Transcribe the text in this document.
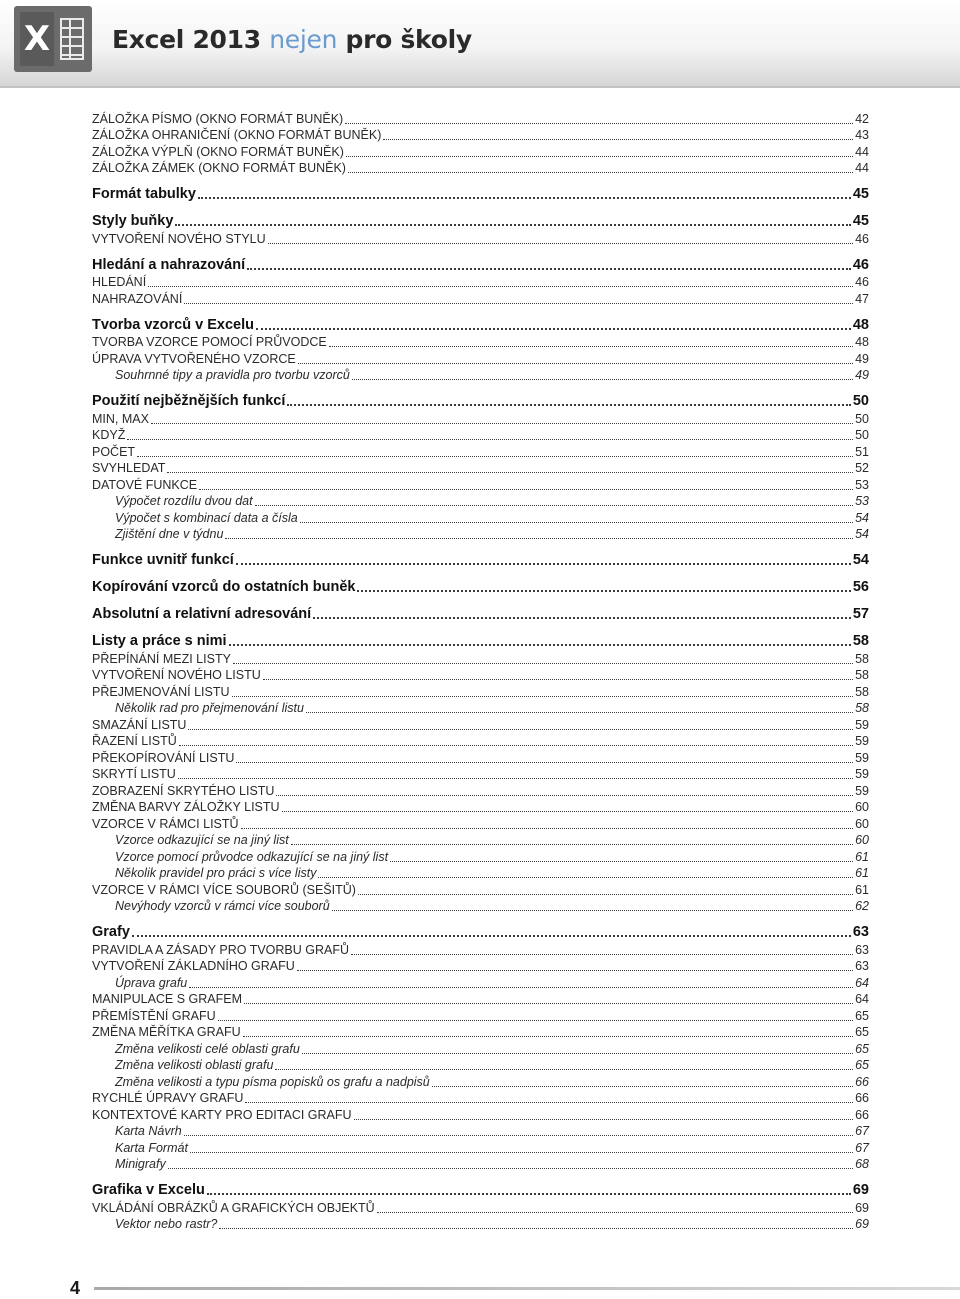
X Excel 2013 nejen pro školy
ZÁLOŽKA PÍSMO (OKNO FORMÁT BUNĚK)	42
ZÁLOŽKA OHRANIČENÍ (OKNO FORMÁT BUNĚK)	43
ZÁLOŽKA VÝPLŇ (OKNO FORMÁT BUNĚK)	44
ZÁLOŽKA ZÁMEK (OKNO FORMÁT BUNĚK)	44
Formát tabulky	45
Styly buňky	45
VYTVOŘENÍ NOVÉHO STYLU	46
Hledání a nahrazování	46
HLEDÁNÍ	46
NAHRAZOVÁNÍ	47
Tvorba vzorců v Excelu	48
TVORBA VZORCE POMOCÍ PRŮVODCE	48
ÚPRAVA VYTVOŘENÉHO VZORCE	49
Souhrnné tipy a pravidla pro tvorbu vzorců	49
Použití nejběžnějších funkcí	50
MIN, MAX	50
KDYŽ	50
POČET	51
SVYHLEDAT	52
DATOVÉ FUNKCE	53
Výpočet rozdílu dvou dat	53
Výpočet s kombinací data a čísla	54
Zjištění dne v týdnu	54
Funkce uvnitř funkcí	54
Kopírování vzorců do ostatních buněk	56
Absolutní a relativní adresování	57
Listy a práce s nimi	58
PŘEPÍNÁNÍ MEZI LISTY	58
VYTVOŘENÍ NOVÉHO LISTU	58
PŘEJMENOVÁNÍ LISTU	58
Několik rad pro přejmenování listu	58
SMAZÁNÍ LISTU	59
ŘAZENÍ LISTŮ	59
PŘEKOPÍROVÁNÍ LISTU	59
SKRYTÍ LISTU	59
ZOBRAZENÍ SKRYTÉHO LISTU	59
ZMĚNA BARVY ZÁLOŽKY LISTU	60
VZORCE V RÁMCI LISTŮ	60
Vzorce odkazující se na jiný list	60
Vzorce pomocí průvodce odkazující se na jiný list	61
Několik pravidel pro práci s více listy	61
VZORCE V RÁMCI VÍCE SOUBORŮ (SEŠITŮ)	61
Nevýhody vzorců v rámci více souborů	62
Grafy	63
PRAVIDLA A ZÁSADY PRO TVORBU GRAFŮ	63
VYTVOŘENÍ ZÁKLADNÍHO GRAFU	63
Úprava grafu	64
MANIPULACE S GRAFEM	64
PŘEMÍSTĚNÍ GRAFU	65
ZMĚNA MĚŘÍTKA GRAFU	65
Změna velikosti celé oblasti grafu	65
Změna velikosti oblasti grafu	65
Změna velikosti a typu písma popisků os grafu a nadpisů	66
RYCHLÉ ÚPRAVY GRAFU	66
KONTEXTOVÉ KARTY PRO EDITACI GRAFU	66
Karta Návrh	67
Karta Formát	67
Minigrafy	68
Grafika v Excelu	69
VKLÁDÁNÍ OBRÁZKŮ A GRAFICKÝCH OBJEKTŮ	69
Vektor nebo rastr?	69
4
